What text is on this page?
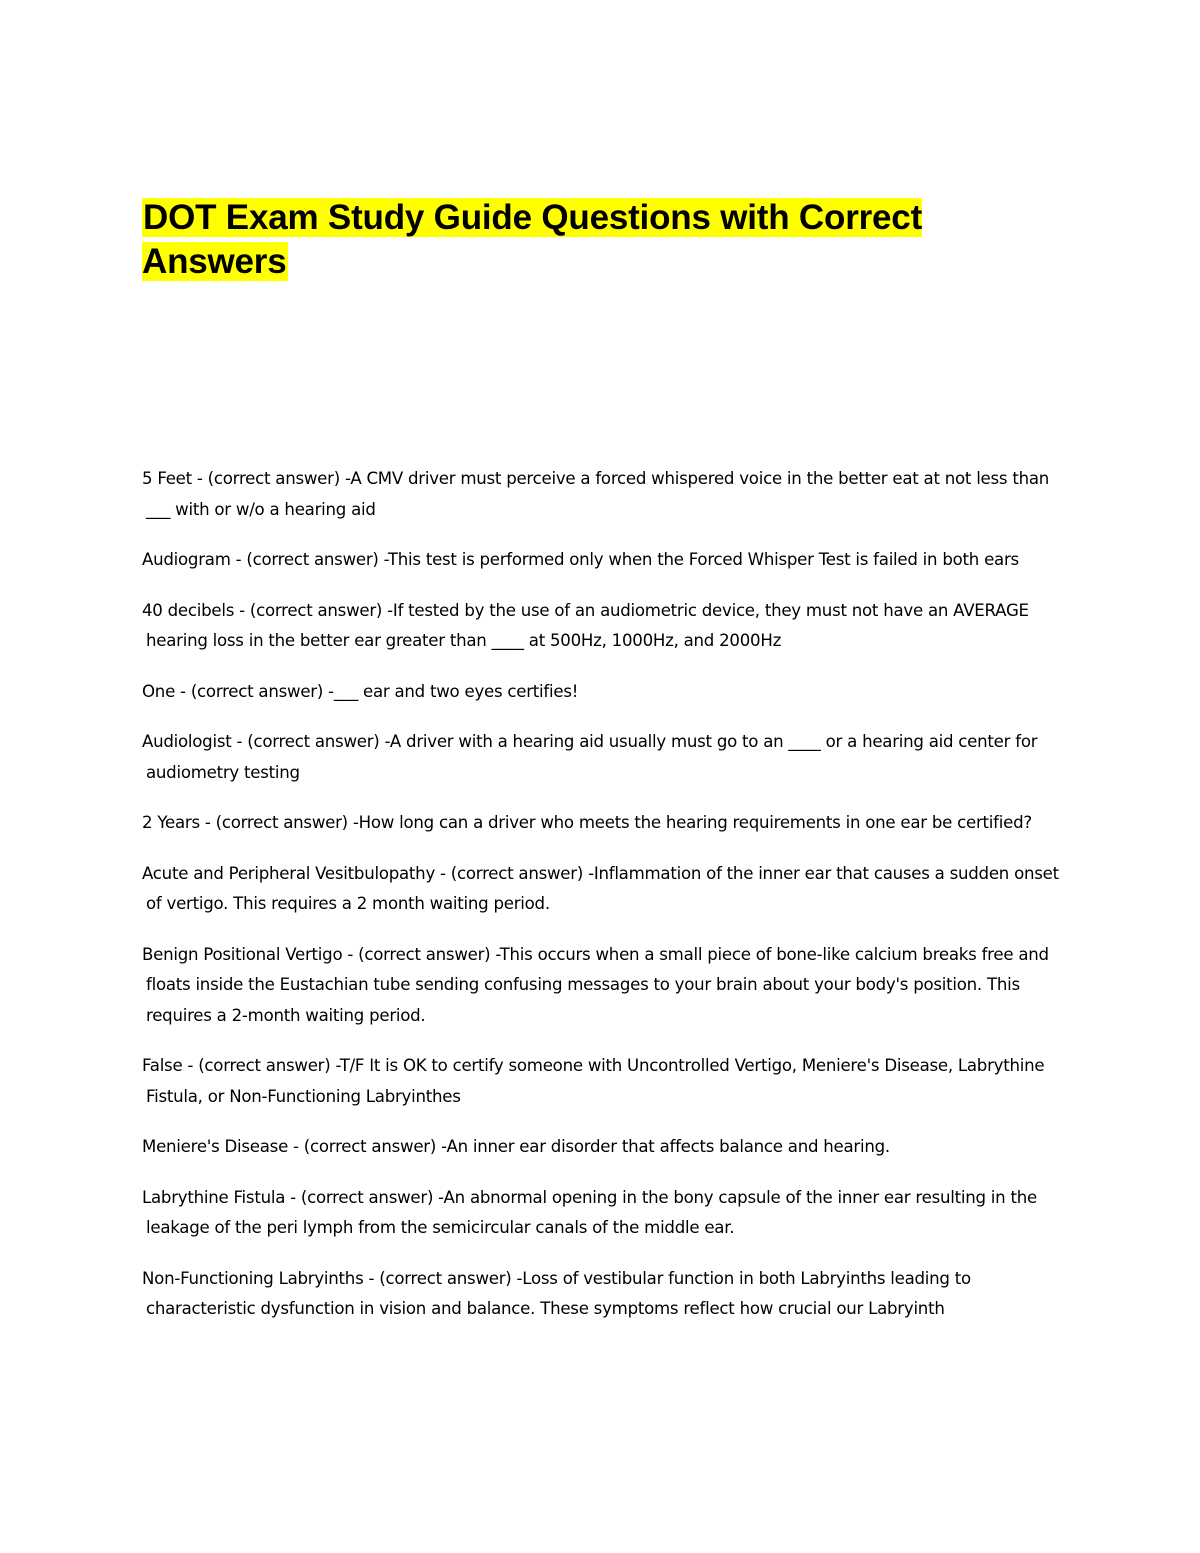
DOT Exam Study Guide Questions with Correct Answers

5 Feet - (correct answer) -A CMV driver must perceive a forced whispered voice in the better eat at not less than ___ with or w/o a hearing aid

Audiogram - (correct answer) -This test is performed only when the Forced Whisper Test is failed in both ears

40 decibels - (correct answer) -If tested by the use of an audiometric device, they must not have an AVERAGE hearing loss in the better ear greater than ____ at 500Hz, 1000Hz, and 2000Hz

One - (correct answer) -___ ear and two eyes certifies!

Audiologist - (correct answer) -A driver with a hearing aid usually must go to an ____ or a hearing aid center for audiometry testing

2 Years - (correct answer) -How long can a driver who meets the hearing requirements in one ear be certified?

Acute and Peripheral Vesitbulopathy - (correct answer) -Inflammation of the inner ear that causes a sudden onset of vertigo. This requires a 2 month waiting period.

Benign Positional Vertigo - (correct answer) -This occurs when a small piece of bone-like calcium breaks free and floats inside the Eustachian tube sending confusing messages to your brain about your body's position. This requires a 2-month waiting period.

False - (correct answer) -T/F It is OK to certify someone with Uncontrolled Vertigo, Meniere's Disease, Labrythine Fistula, or Non-Functioning Labryinthes

Meniere's Disease - (correct answer) -An inner ear disorder that affects balance and hearing.

Labrythine Fistula - (correct answer) -An abnormal opening in the bony capsule of the inner ear resulting in the leakage of the peri lymph from the semicircular canals of the middle ear.

Non-Functioning Labryinths - (correct answer) -Loss of vestibular function in both Labryinths leading to characteristic dysfunction in vision and balance. These symptoms reflect how crucial our Labryinth
